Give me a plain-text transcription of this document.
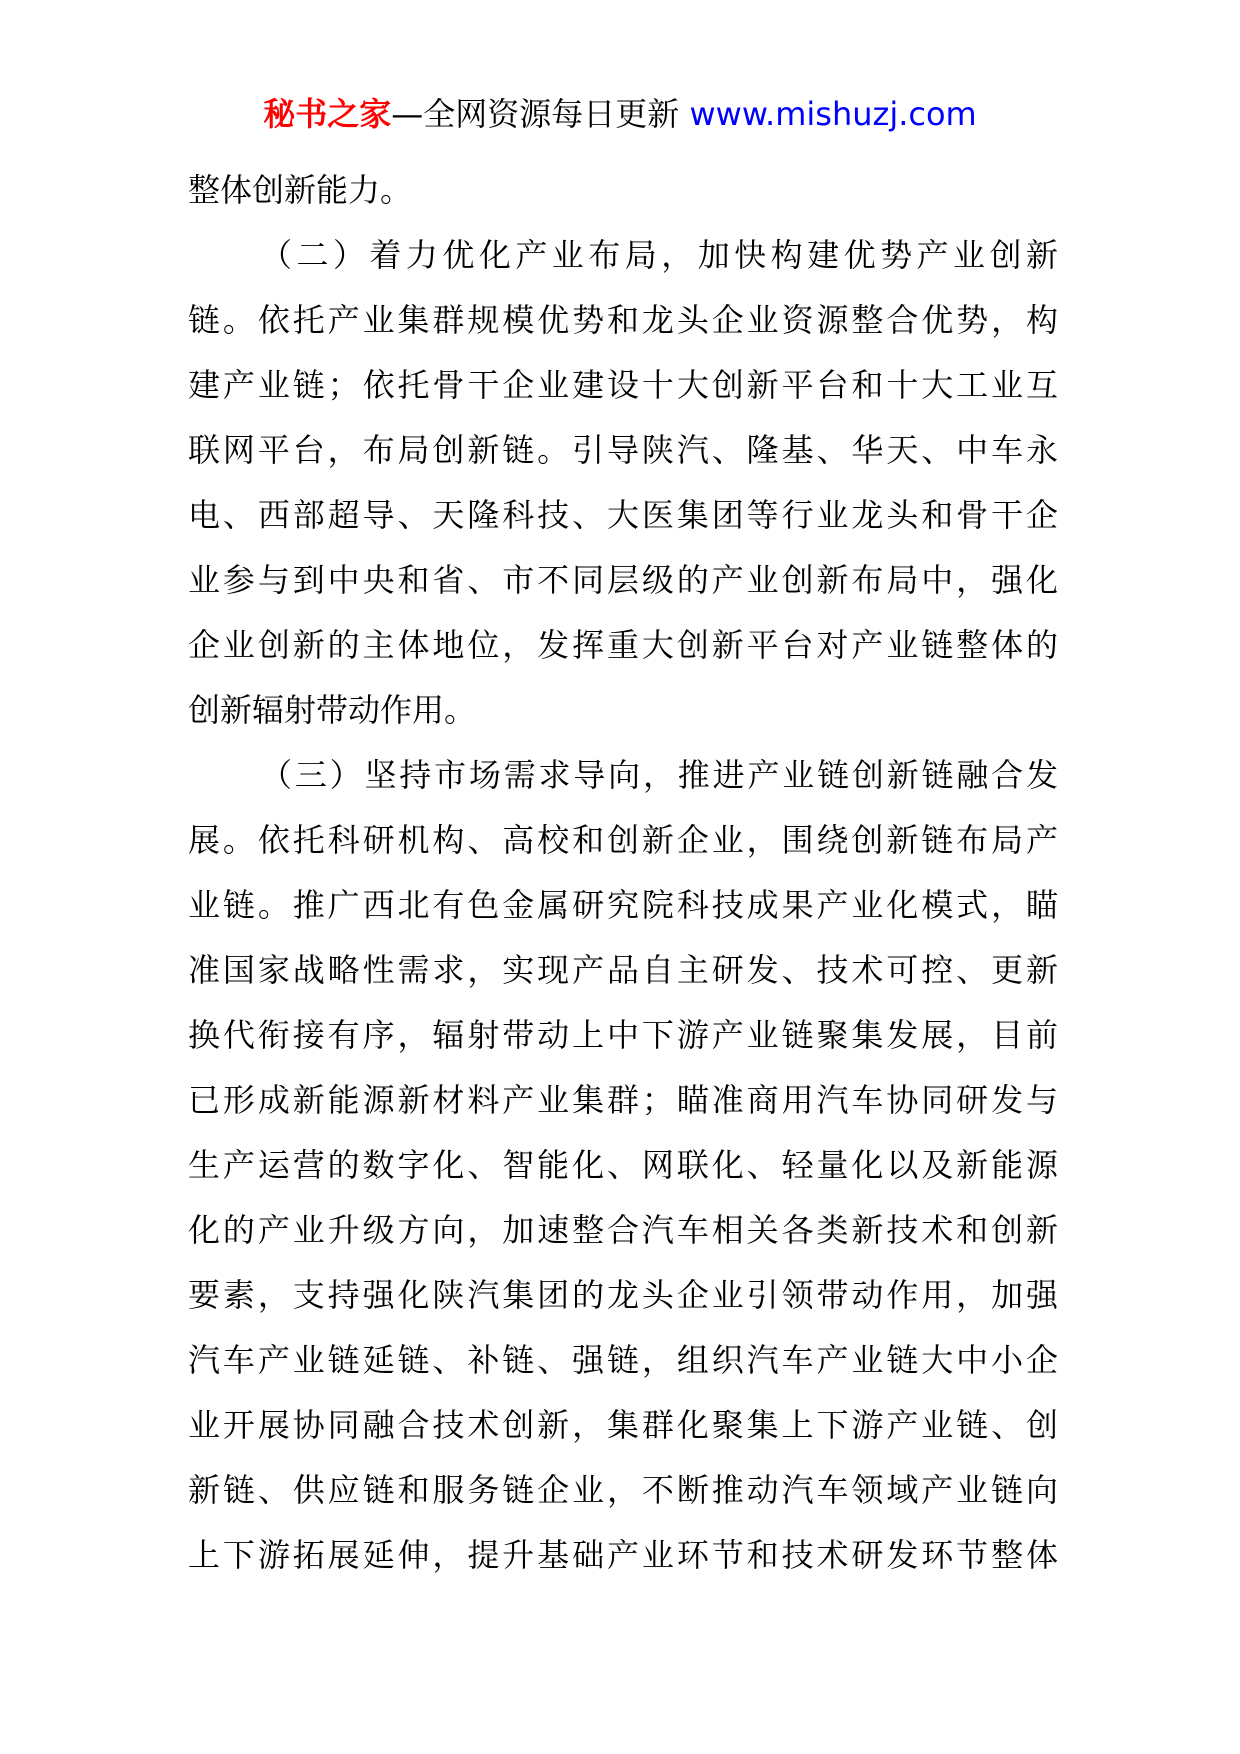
秘书之家—全网资源每日更新 www.mishuzj.com
整体创新能力。
（二）着力优化产业布局，加快构建优势产业创新
链。依托产业集群规模优势和龙头企业资源整合优势，构
建产业链；依托骨干企业建设十大创新平台和十大工业互
联网平台，布局创新链。引导陕汽、隆基、华天、中车永
电、西部超导、天隆科技、大医集团等行业龙头和骨干企
业参与到中央和省、市不同层级的产业创新布局中，强化
企业创新的主体地位，发挥重大创新平台对产业链整体的
创新辐射带动作用。
（三）坚持市场需求导向，推进产业链创新链融合发
展。依托科研机构、高校和创新企业，围绕创新链布局产
业链。推广西北有色金属研究院科技成果产业化模式，瞄
准国家战略性需求，实现产品自主研发、技术可控、更新
换代衔接有序，辐射带动上中下游产业链聚集发展，目前
已形成新能源新材料产业集群；瞄准商用汽车协同研发与
生产运营的数字化、智能化、网联化、轻量化以及新能源
化的产业升级方向，加速整合汽车相关各类新技术和创新
要素，支持强化陕汽集团的龙头企业引领带动作用，加强
汽车产业链延链、补链、强链，组织汽车产业链大中小企
业开展协同融合技术创新，集群化聚集上下游产业链、创
新链、供应链和服务链企业，不断推动汽车领域产业链向
上下游拓展延伸，提升基础产业环节和技术研发环节整体
